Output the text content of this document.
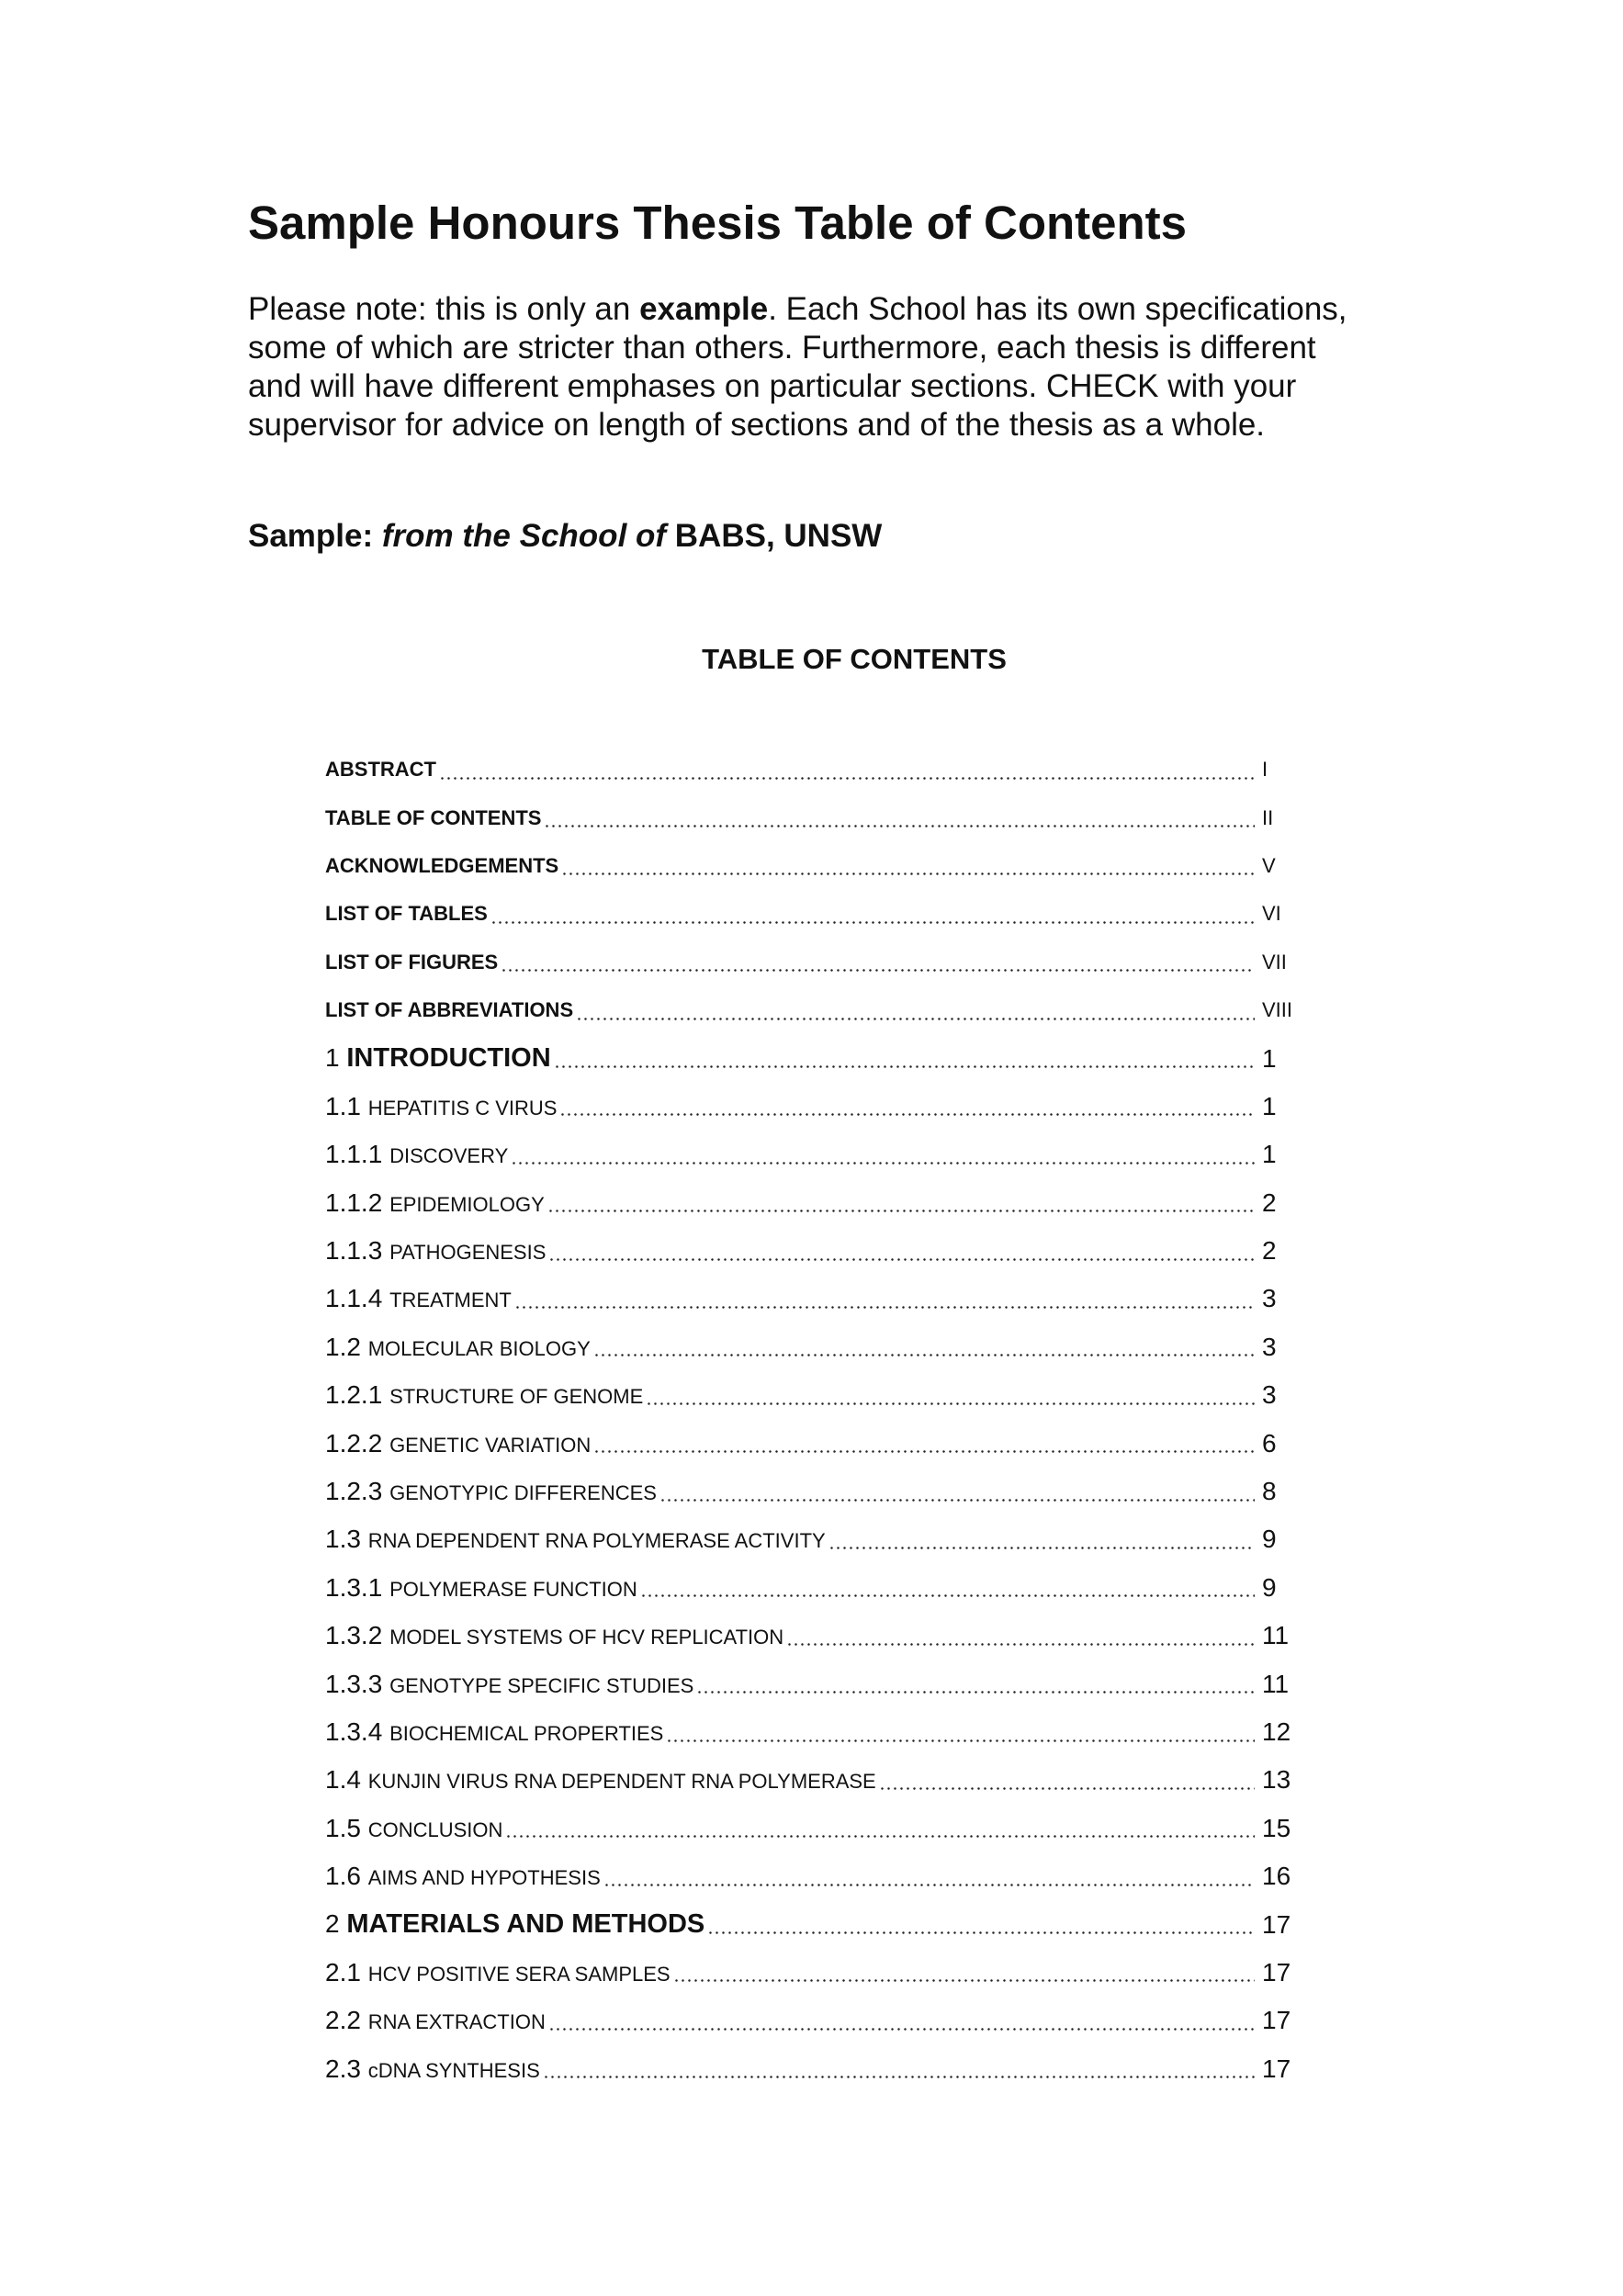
Sample Honours Thesis Table of Contents

Please note: this is only an example. Each School has its own specifications,
some of which are stricter than others. Furthermore, each thesis is different
and will have different emphases on particular sections. CHECK with your
supervisor for advice on length of sections and of the thesis as a whole.

Sample: from the School of BABS, UNSW

TABLE OF CONTENTS
ABSTRACT	I
TABLE OF CONTENTS	II
ACKNOWLEDGEMENTS	V
LIST OF TABLES	VI
LIST OF FIGURES	VII
LIST OF ABBREVIATIONS	VIII
1 INTRODUCTION	1
1.1 HEPATITIS C VIRUS	1
1.1.1 DISCOVERY	1
1.1.2 EPIDEMIOLOGY	2
1.1.3 PATHOGENESIS	2
1.1.4 TREATMENT	3
1.2 MOLECULAR BIOLOGY	3
1.2.1 STRUCTURE OF GENOME	3
1.2.2 GENETIC VARIATION	6
1.2.3 GENOTYPIC DIFFERENCES	8
1.3 RNA DEPENDENT RNA POLYMERASE ACTIVITY	9
1.3.1 POLYMERASE FUNCTION	9
1.3.2 MODEL SYSTEMS OF HCV REPLICATION	11
1.3.3 GENOTYPE SPECIFIC STUDIES	11
1.3.4 BIOCHEMICAL PROPERTIES	12
1.4 KUNJIN VIRUS RNA DEPENDENT RNA POLYMERASE	13
1.5 CONCLUSION	15
1.6 AIMS AND HYPOTHESIS	16
2 MATERIALS AND METHODS	17
2.1 HCV POSITIVE SERA SAMPLES	17
2.2 RNA EXTRACTION	17
2.3 cDNA SYNTHESIS	17
